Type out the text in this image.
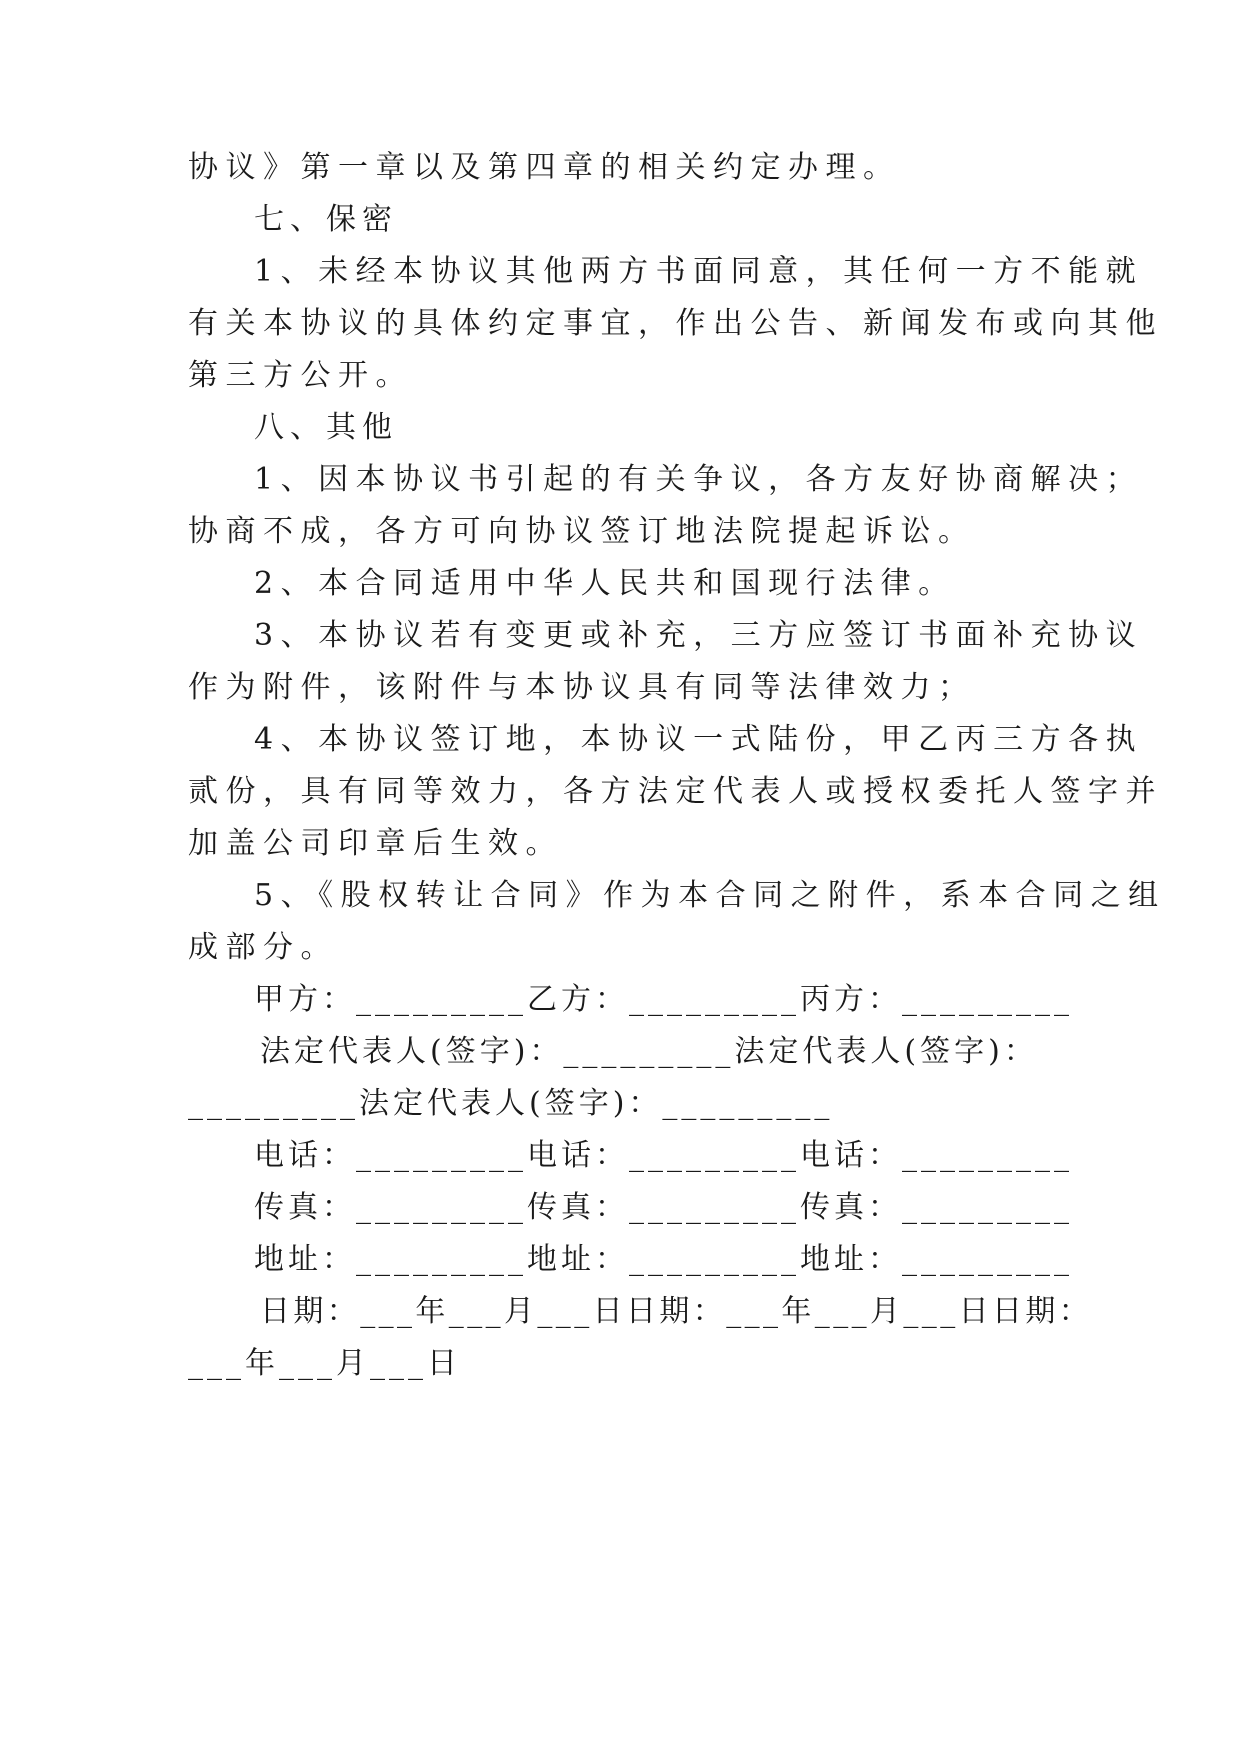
协议》第一章以及第四章的相关约定办理。
七、保密
1、未经本协议其他两方书面同意，其任何一方不能就
有关本协议的具体约定事宜，作出公告、新闻发布或向其他
第三方公开。
八、其他
1、因本协议书引起的有关争议，各方友好协商解决；
协商不成，各方可向协议签订地法院提起诉讼。
2、本合同适用中华人民共和国现行法律。
3、本协议若有变更或补充，三方应签订书面补充协议
作为附件，该附件与本协议具有同等法律效力；
4、本协议签订地，本协议一式陆份，甲乙丙三方各执
贰份，具有同等效力，各方法定代表人或授权委托人签字并
加盖公司印章后生效。
5、《股权转让合同》作为本合同之附件，系本合同之组
成部分。
甲方：_________乙方：_________丙方：_________
法定代表人(签字)：_________法定代表人(签字)：
_________法定代表人(签字)：_________
电话：_________电话：_________电话：_________
传真：_________传真：_________传真：_________
地址：_________地址：_________地址：_________
日期：___年___月___日日期：___年___月___日日期：
___年___月___日
